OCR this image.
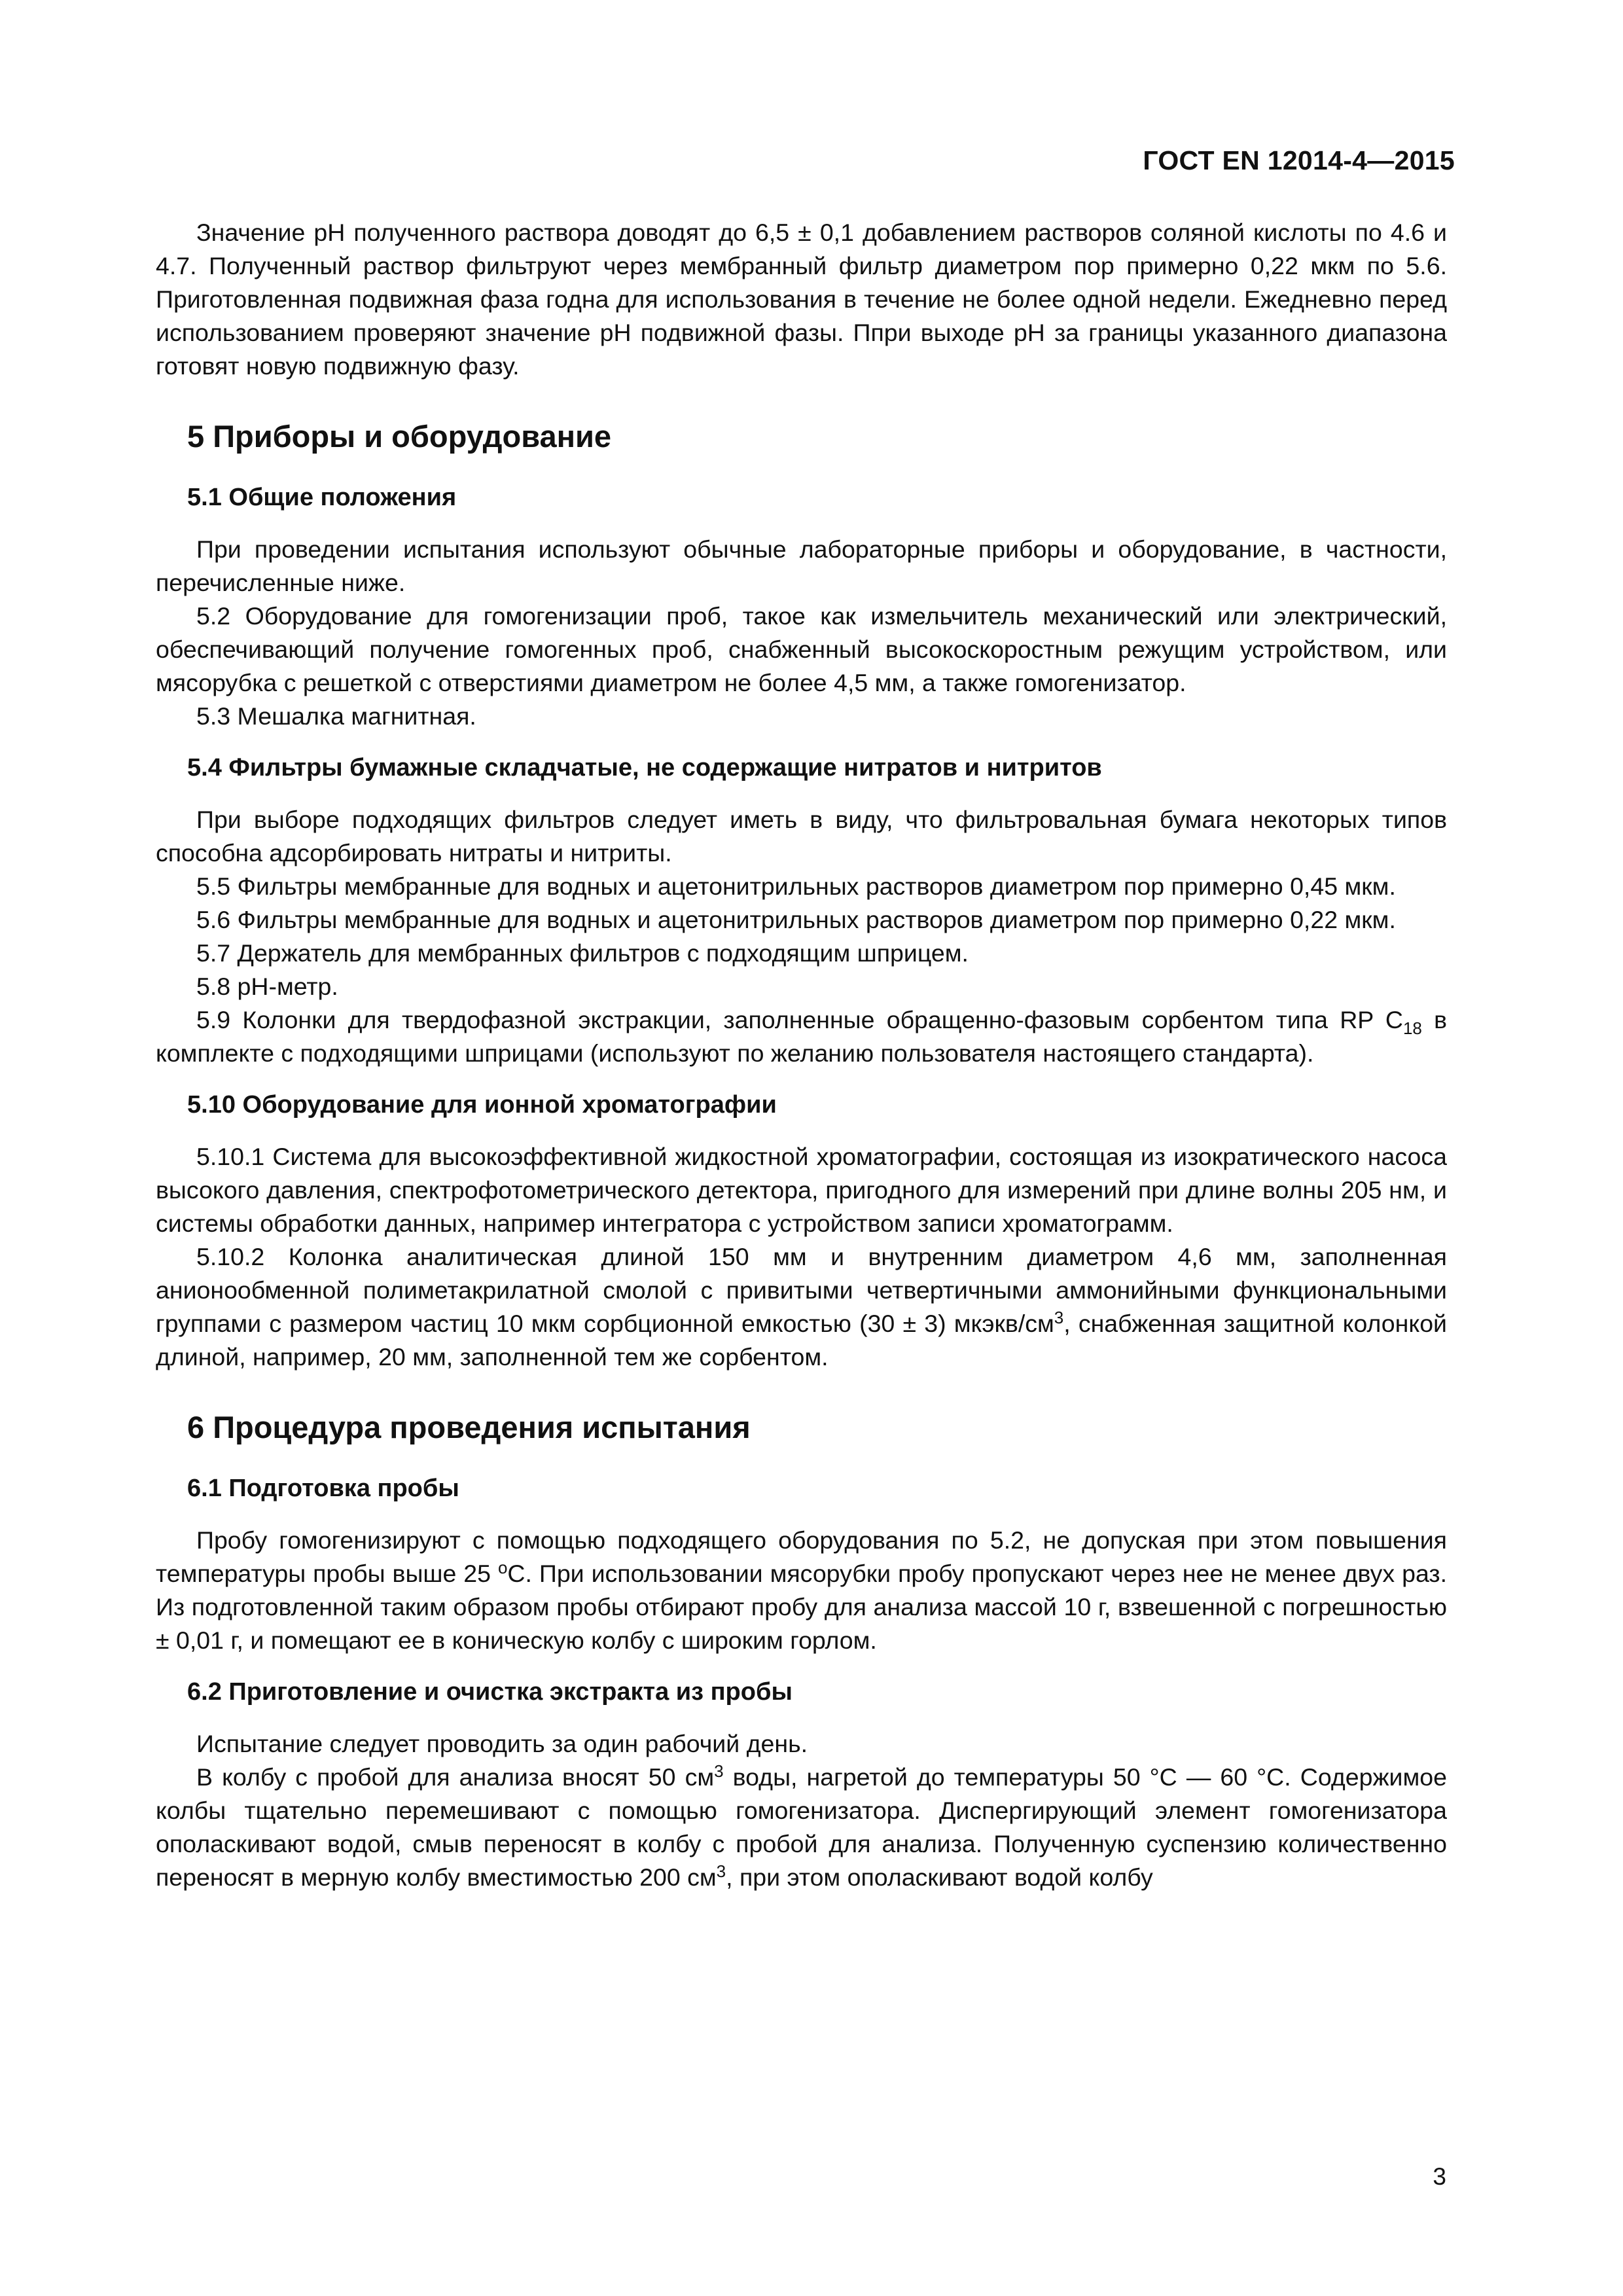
ГОСТ EN 12014-4—2015

Значение pH полученного раствора доводят до 6,5 ± 0,1 добавлением растворов соляной кислоты по 4.6 и 4.7. Полученный раствор фильтруют через мембранный фильтр диаметром пор примерно 0,22 мкм по 5.6. Приготовленная подвижная фаза годна для использования в течение не более одной недели. Ежедневно перед использованием проверяют значение pH подвижной фазы. Ппри выходе pH за границы указанного диапазона готовят новую подвижную фазу.

5 Приборы и оборудование

5.1 Общие положения

При проведении испытания используют обычные лабораторные приборы и оборудование, в частности, перечисленные ниже.

5.2 Оборудование для гомогенизации проб, такое как измельчитель механический или электрический, обеспечивающий получение гомогенных проб, снабженный высокоскоростным режущим устройством, или мясорубка с решеткой с отверстиями диаметром не более 4,5 мм, а также гомогенизатор.

5.3 Мешалка магнитная.

5.4 Фильтры бумажные складчатые, не содержащие нитратов и нитритов

При выборе подходящих фильтров следует иметь в виду, что фильтровальная бумага некоторых типов способна адсорбировать нитраты и нитриты.

5.5 Фильтры мембранные для водных и ацетонитрильных растворов диаметром пор примерно 0,45 мкм.

5.6 Фильтры мембранные для водных и ацетонитрильных растворов диаметром пор примерно 0,22 мкм.

5.7 Держатель для мембранных фильтров с подходящим шприцем.

5.8 pH-метр.

5.9 Колонки для твердофазной экстракции, заполненные обращенно-фазовым сорбентом типа RP $C_{18}$ в комплекте с подходящими шприцами (используют по желанию пользователя настоящего стандарта).

5.10 Оборудование для ионной хроматографии

5.10.1 Система для высокоэффективной жидкостной хроматографии, состоящая из изократического насоса высокого давления, спектрофотометрического детектора, пригодного для измерений при длине волны 205 нм, и системы обработки данных, например интегратора с устройством записи хроматограмм.

5.10.2 Колонка аналитическая длиной 150 мм и внутренним диаметром 4,6 мм, заполненная анионообменной полиметакрилатной смолой с привитыми четвертичными аммонийными функциональными группами с размером частиц 10 мкм сорбционной емкостью (30 ± 3) мкэкв/$см^3$, снабженная защитной колонкой длиной, например, 20 мм, заполненной тем же сорбентом.

6 Процедура проведения испытания

6.1 Подготовка пробы

Пробу гомогенизируют с помощью подходящего оборудования по 5.2, не допуская при этом повышения температуры пробы выше 25 $^о$С. При использовании мясорубки пробу пропускают через нее не менее двух раз. Из подготовленной таким образом пробы отбирают пробу для анализа массой 10 г, взвешенной с погрешностью ± 0,01 г, и помещают ее в коническую колбу с широким горлом.

6.2 Приготовление и очистка экстракта из пробы

Испытание следует проводить за один рабочий день.

В колбу с пробой для анализа вносят 50 $см^3$ воды, нагретой до температуры 50 °С — 60 °С. Содержимое колбы тщательно перемешивают с помощью гомогенизатора. Диспергирующий элемент гомогенизатора ополаскивают водой, смыв переносят в колбу с пробой для анализа. Полученную суспензию количественно переносят в мерную колбу вместимостью 200 $см^3$, при этом ополаскивают водой колбу

3
